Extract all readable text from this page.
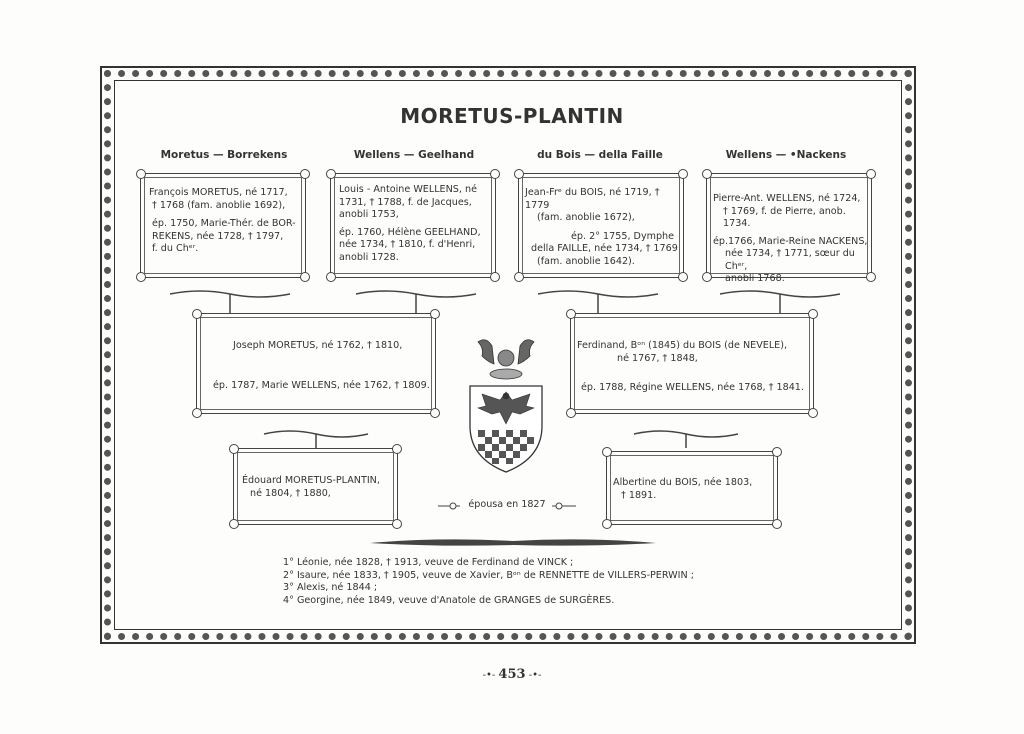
MORETUS-PLANTIN
Moretus — Borrekens	Wellens — Geelhand	du Bois — della Faille	Wellens — •Nackens
François MORETUS, né 1717,
† 1768 (fam. anoblie 1692),
ép. 1750, Marie-Thér. de BOR-
REKENS, née 1728, † 1797,
f. du Chᵉʳ.
Louis - Antoine WELLENS, né
1731, † 1788, f. de Jacques,
anobli 1753,
ép. 1760, Hélène GEELHAND,
née 1734, † 1810, f. d'Henri,
anobli 1728.
Jean-Frᵉ du BOIS, né 1719, † 1779
(fam. anoblie 1672),
ép. 2° 1755, Dymphe
della FAILLE, née 1734, † 1769
(fam. anoblie 1642).
Pierre-Ant. WELLENS, né 1724,
† 1769, f. de Pierre, anob. 1734.
ép.1766, Marie-Reine NACKENS,
née 1734, † 1771, sœur du Chᵉʳ,
anobli 1768.
Joseph MORETUS, né 1762, † 1810,
ép. 1787, Marie WELLENS, née 1762, † 1809.
Ferdinand, Bᵒⁿ (1845) du BOIS (de NEVELE),
né 1767, † 1848,
ép. 1788, Régine WELLENS, née 1768, † 1841.
Édouard MORETUS-PLANTIN,
né 1804, † 1880,
Albertine du BOIS, née 1803,
† 1891.
épousa en 1827
1° Léonie, née 1828, † 1913, veuve de Ferdinand de VINCK ;
2° Isaure, née 1833, † 1905, veuve de Xavier, Bᵒⁿ de RENNETTE de VILLERS-PERWIN ;
3° Alexis, né 1844 ;
4° Georgine, née 1849, veuve d'Anatole de GRANGES de SURGÈRES.
-•- 453 -•-
